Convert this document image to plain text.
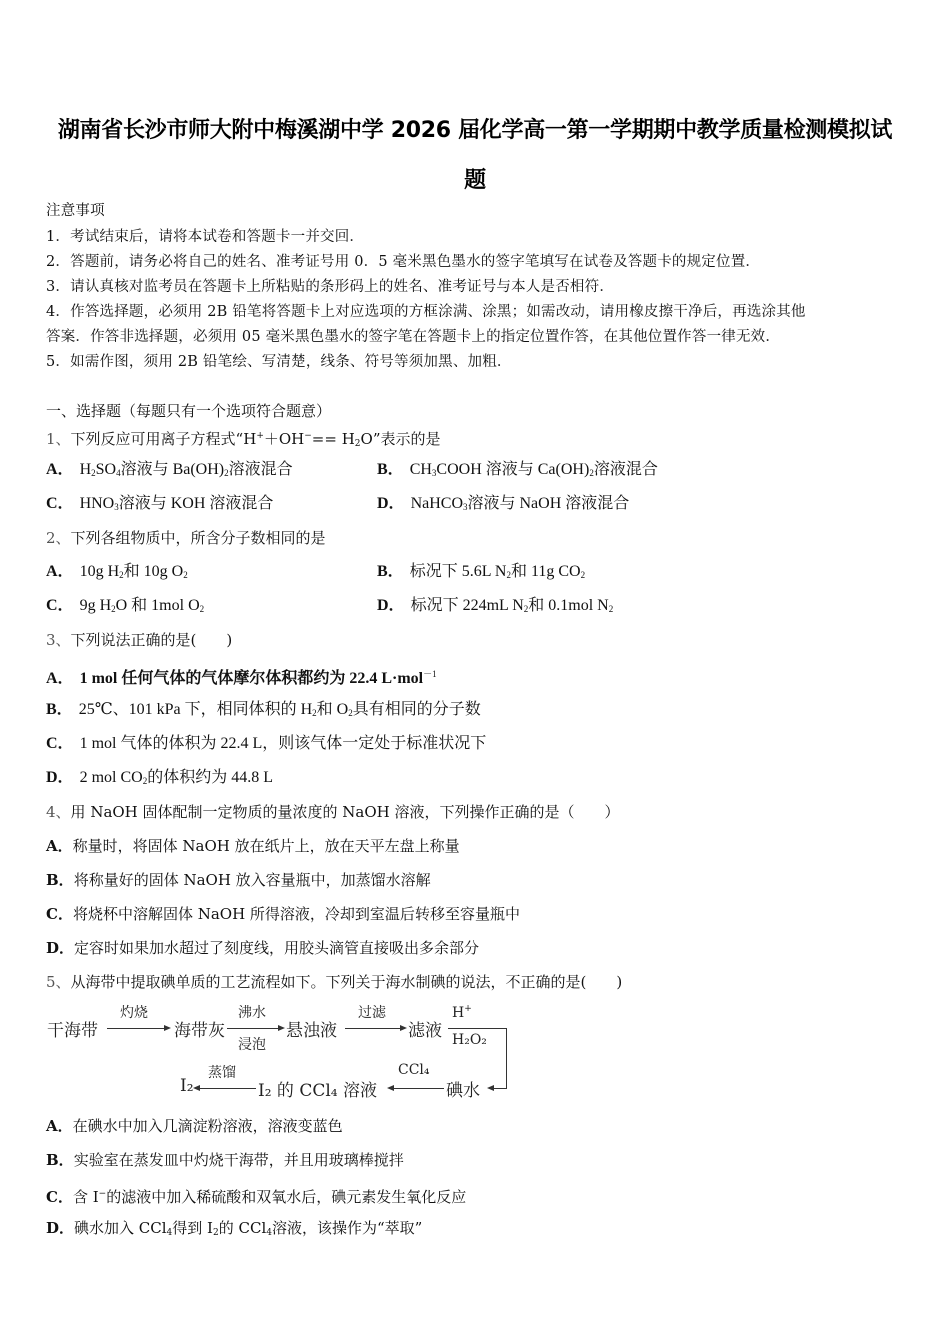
湖南省长沙市师大附中梅溪湖中学 2026 届化学高一第一学期期中教学质量检测模拟试
题
注意事项
1．考试结束后，请将本试卷和答题卡一并交回．
2．答题前，请务必将自己的姓名、准考证号用 0．5 毫米黑色墨水的签字笔填写在试卷及答题卡的规定位置．
3．请认真核对监考员在答题卡上所粘贴的条形码上的姓名、准考证号与本人是否相符．
4．作答选择题，必须用 2B 铅笔将答题卡上对应选项的方框涂满、涂黑；如需改动，请用橡皮擦干净后，再选涂其他
答案．作答非选择题，必须用 05 毫米黑色墨水的签字笔在答题卡上的指定位置作答，在其他位置作答一律无效．
5．如需作图，须用 2B 铅笔绘、写清楚，线条、符号等须加黑、加粗．
一、选择题（每题只有一个选项符合题意）
1、下列反应可用离子方程式“$H^++OH^-== H_2O$”表示的是
A． $H_2SO_4$溶液与 $Ba(OH)_2$溶液混合	B． $CH_3COOH$ 溶液与 $Ca(OH)_2$溶液混合
C． $HNO_3$溶液与 KOH 溶液混合	D． NaHCO$_3$溶液与 NaOH 溶液混合
2、下列各组物质中，所含分子数相同的是
A． 10g $H_2$和 10g $O_2$	B． 标况下 5.6L $N_2$和 11g $CO_2$
C． 9g $H_2O$ 和 1mol $O_2$	D． 标况下 224mL $N_2$和 0.1mol $N_2$
3、下列说法正确的是(　　)
A． 1 mol 任何气体的气体摩尔体积都约为 22.4 L·mol$^{-1}$
B． 25℃、101 kPa 下，相同体积的 $H_2$和 $O_2$具有相同的分子数
C． 1 mol 气体的体积为 22.4 L，则该气体一定处于标准状况下
D． 2 mol $CO_2$的体积约为 44.8 L
4、用 NaOH 固体配制一定物质的量浓度的 NaOH 溶液，下列操作正确的是（　　）
A．称量时，将固体 NaOH 放在纸片上，放在天平左盘上称量
B．将称量好的固体 NaOH 放入容量瓶中，加蒸馏水溶解
C．将烧杯中溶解固体 NaOH 所得溶液，冷却到室温后转移至容量瓶中
D．定容时如果加水超过了刻度线，用胶头滴管直接吸出多余部分
5、从海带中提取碘单质的工艺流程如下。下列关于海水制碘的说法，不正确的是(　　)
干海带
灼烧
海带灰
沸水
浸泡
悬浊液
过滤
滤液
H+
H₂O₂
碘水
CCl₄
I₂ 的 CCl₄ 溶液
蒸馏
I₂
A．在碘水中加入几滴淀粉溶液，溶液变蓝色
B．实验室在蒸发皿中灼烧干海带，并且用玻璃棒搅拌
C．含 I−的滤液中加入稀硫酸和双氧水后，碘元素发生氧化反应
D．碘水加入 CCl$_4$得到 $I_2$的 CCl$_4$溶液，该操作为“萃取”
